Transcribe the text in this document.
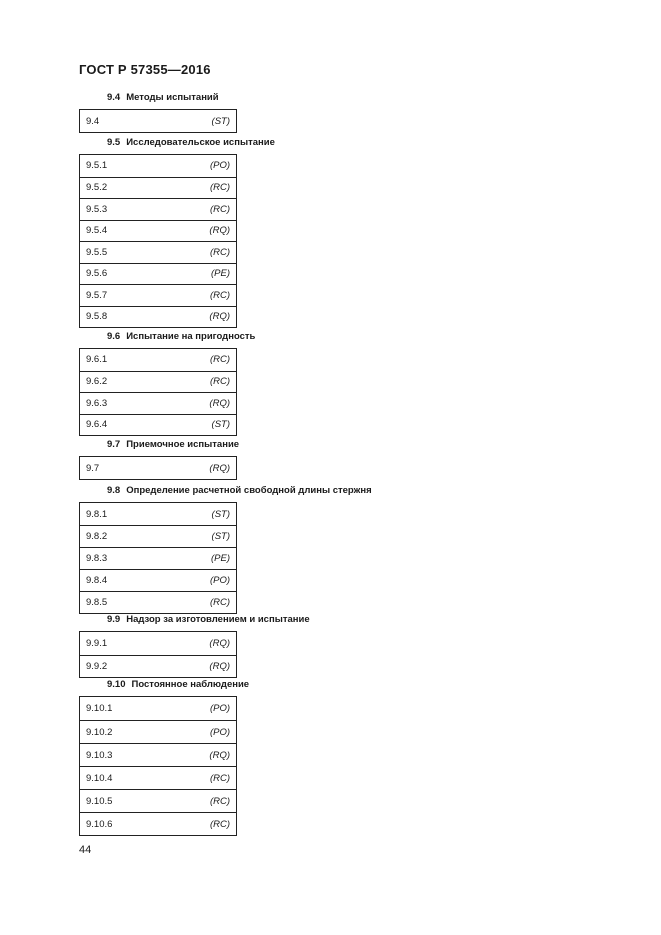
ГОСТ Р 57355—2016
9.4 Методы испытаний
9.4	(ST)
9.5 Исследовательское испытание
9.5.1	(PO)
9.5.2	(RC)
9.5.3	(RC)
9.5.4	(RQ)
9.5.5	(RC)
9.5.6	(PE)
9.5.7	(RC)
9.5.8	(RQ)
9.6 Испытание на пригодность
9.6.1	(RC)
9.6.2	(RC)
9.6.3	(RQ)
9.6.4	(ST)
9.7 Приемочное испытание
9.7	(RQ)
9.8 Определение расчетной свободной длины стержня
9.8.1	(ST)
9.8.2	(ST)
9.8.3	(PE)
9.8.4	(PO)
9.8.5	(RC)
9.9 Надзор за изготовлением и испытание
9.9.1	(RQ)
9.9.2	(RQ)
9.10 Постоянное наблюдение
9.10.1	(PO)
9.10.2	(PO)
9.10.3	(RQ)
9.10.4	(RC)
9.10.5	(RC)
9.10.6	(RC)
44
